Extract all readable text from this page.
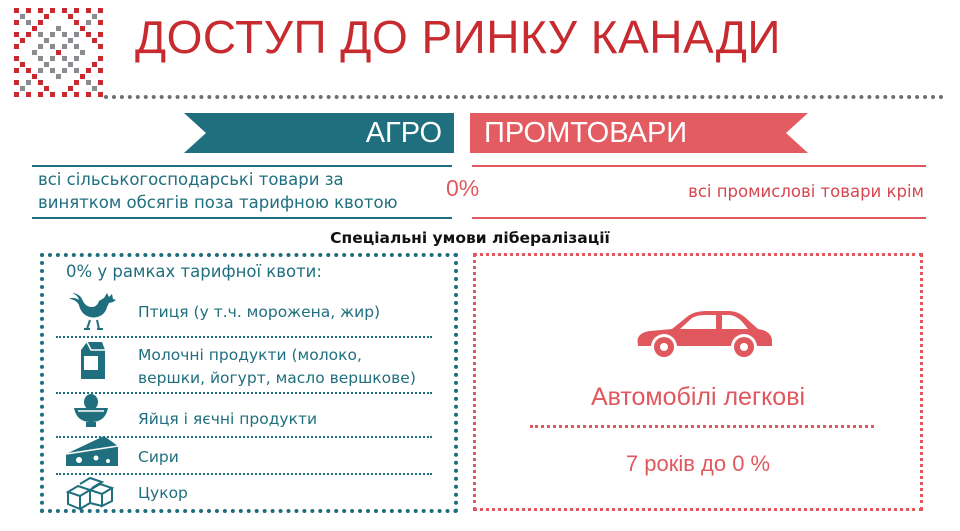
ДОСТУП ДО РИНКУ КАНАДИ
АГРО ПРОМТОВАРИ
всі сільськогосподарські товари за
винятком обсягів поза тарифною квотою
0%	всі промислові товари крім
Спеціальні умови лібералізації
0% у рамках тарифної квоти:
Птиця (у т.ч. морожена, жир)
Молочні продукти (молоко,
вершки, йогурт, масло вершкове)
Яйця і яєчні продукти
Сири
Цукор
Автомобілі легкові
7 років до 0 %
